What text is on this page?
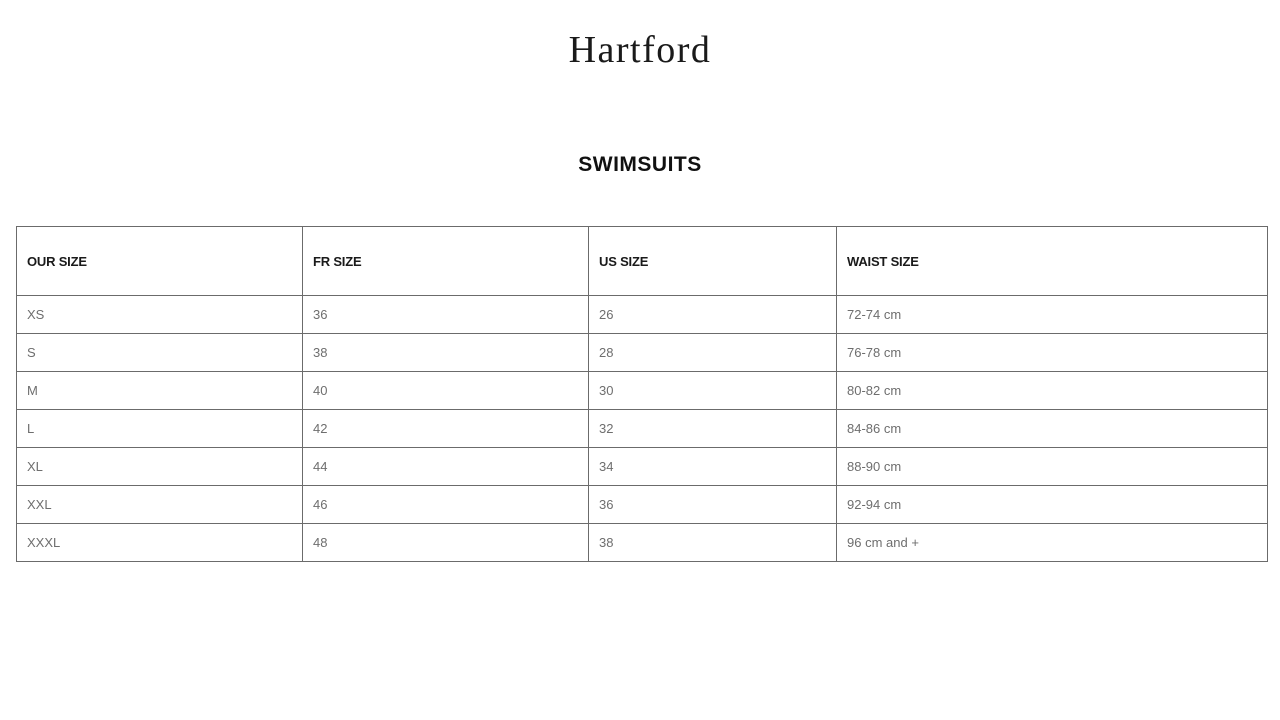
Hartford
SWIMSUITS
OUR SIZE	FR SIZE	US SIZE	WAIST SIZE
XS	36	26	72-74 cm
S	38	28	76-78 cm
M	40	30	80-82 cm
L	42	32	84-86 cm
XL	44	34	88-90 cm
XXL	46	36	92-94 cm
XXXL	48	38	96 cm and +
